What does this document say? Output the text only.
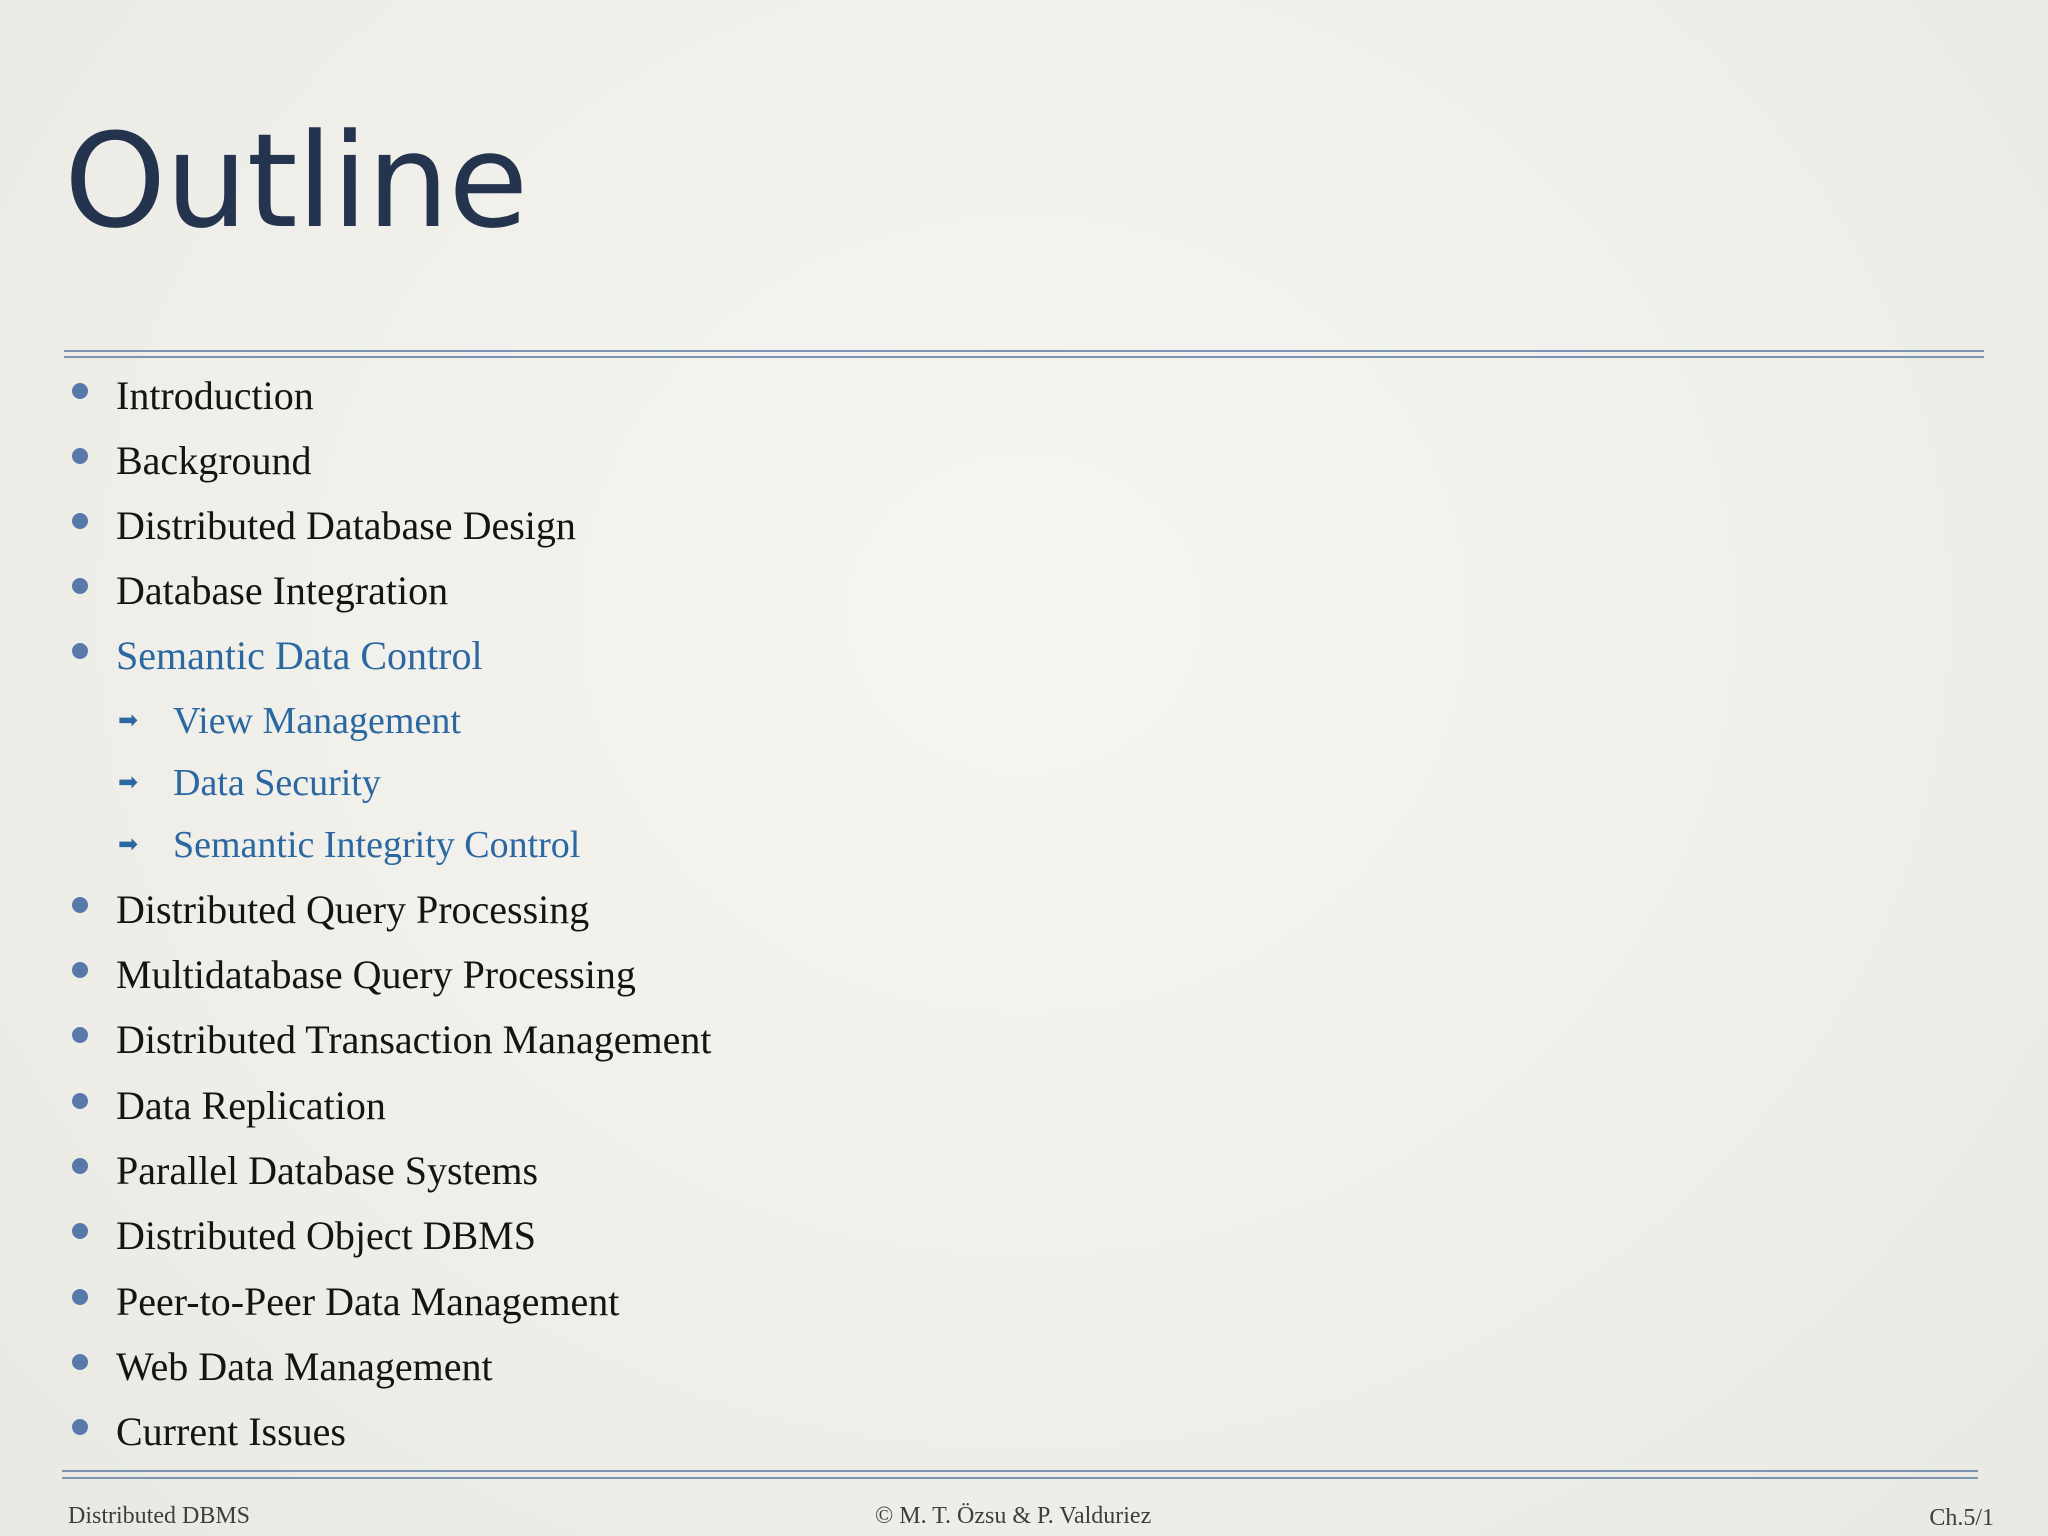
Outline
Introduction
Background
Distributed Database Design
Database Integration
Semantic Data Control
➡ View Management
➡ Data Security
➡ Semantic Integrity Control
Distributed Query Processing
Multidatabase Query Processing
Distributed Transaction Management
Data Replication
Parallel Database Systems
Distributed Object DBMS
Peer-to-Peer Data Management
Web Data Management
Current Issues
Distributed DBMS	© M. T. Özsu & P. Valduriez	Ch.5/1
